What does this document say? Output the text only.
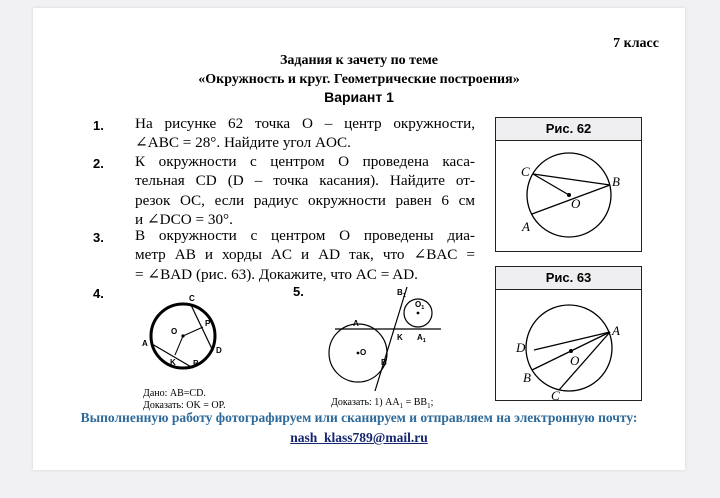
7 класс
Задания к зачету по теме
«Окружность и круг. Геометрические построения»
Вариант 1
1. На рисунке 62 точка O – центр окружности,
∠ABC = 28°. Найдите угол AOC.
2. К окружности с центром O проведена каса-
тельная CD (D – точка касания). Найдите от-
резок OC, если радиус окружности равен 6 см
и ∠DCO = 30°.
3. В окружности с центром O проведены диа-
метр AB и хорды AC и AD так, что ∠BAC =
= ∠BAD (рис. 63). Докажите, что AC = AD.
4.	C
O
P
A
K B
D
Дано: AB=CD.
Доказать: OK = OP.
5.	$B_1$
$O_1$
A
K $A_1$
O
B
Доказать: 1) $AA_1 = BB_1$;
Рис. 62
C
B
O
A
Рис. 63
A
D
O
B
C
Выполненную работу фотографируем или сканируем и отправляем на электронную почту:
nash_klass789@mail.ru
